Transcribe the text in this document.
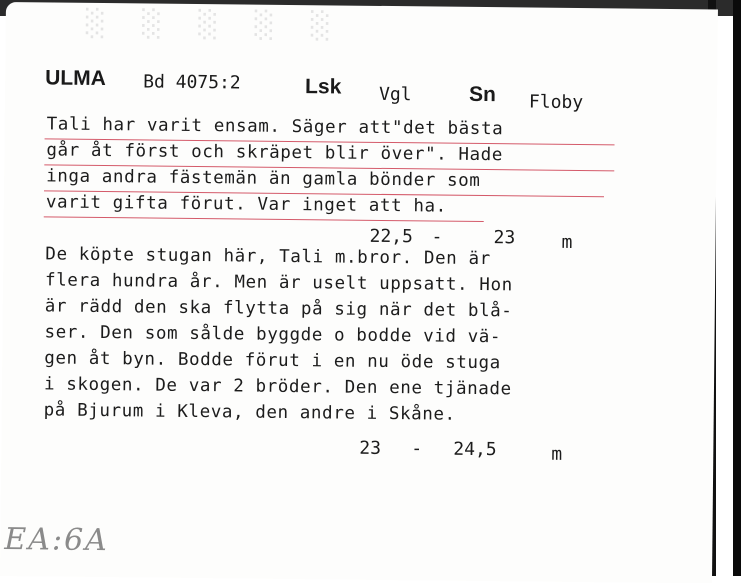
░ ░ ░ ░ ░
ULMA Bd 4075:2	Lsk Vgl	Sn Floby
Tali har varit ensam. Säger att"det bästa
går åt först och skräpet blir över". Hade
inga andra fästemän än gamla bönder som
varit gifta förut. Var inget att ha.
22,5 -	23	m
De köpte stugan här, Tali m.bror. Den är
flera hundra år. Men är uselt uppsatt. Hon
är rädd den ska flytta på sig när det blå-
ser. Den som sålde byggde o bodde vid vä-
gen åt byn. Bodde förut i en nu öde stuga
i skogen. De var 2 bröder. Den ene tjänade
på Bjurum i Kleva, den andre i Skåne.
23 - 24,5	m
EA:6A
